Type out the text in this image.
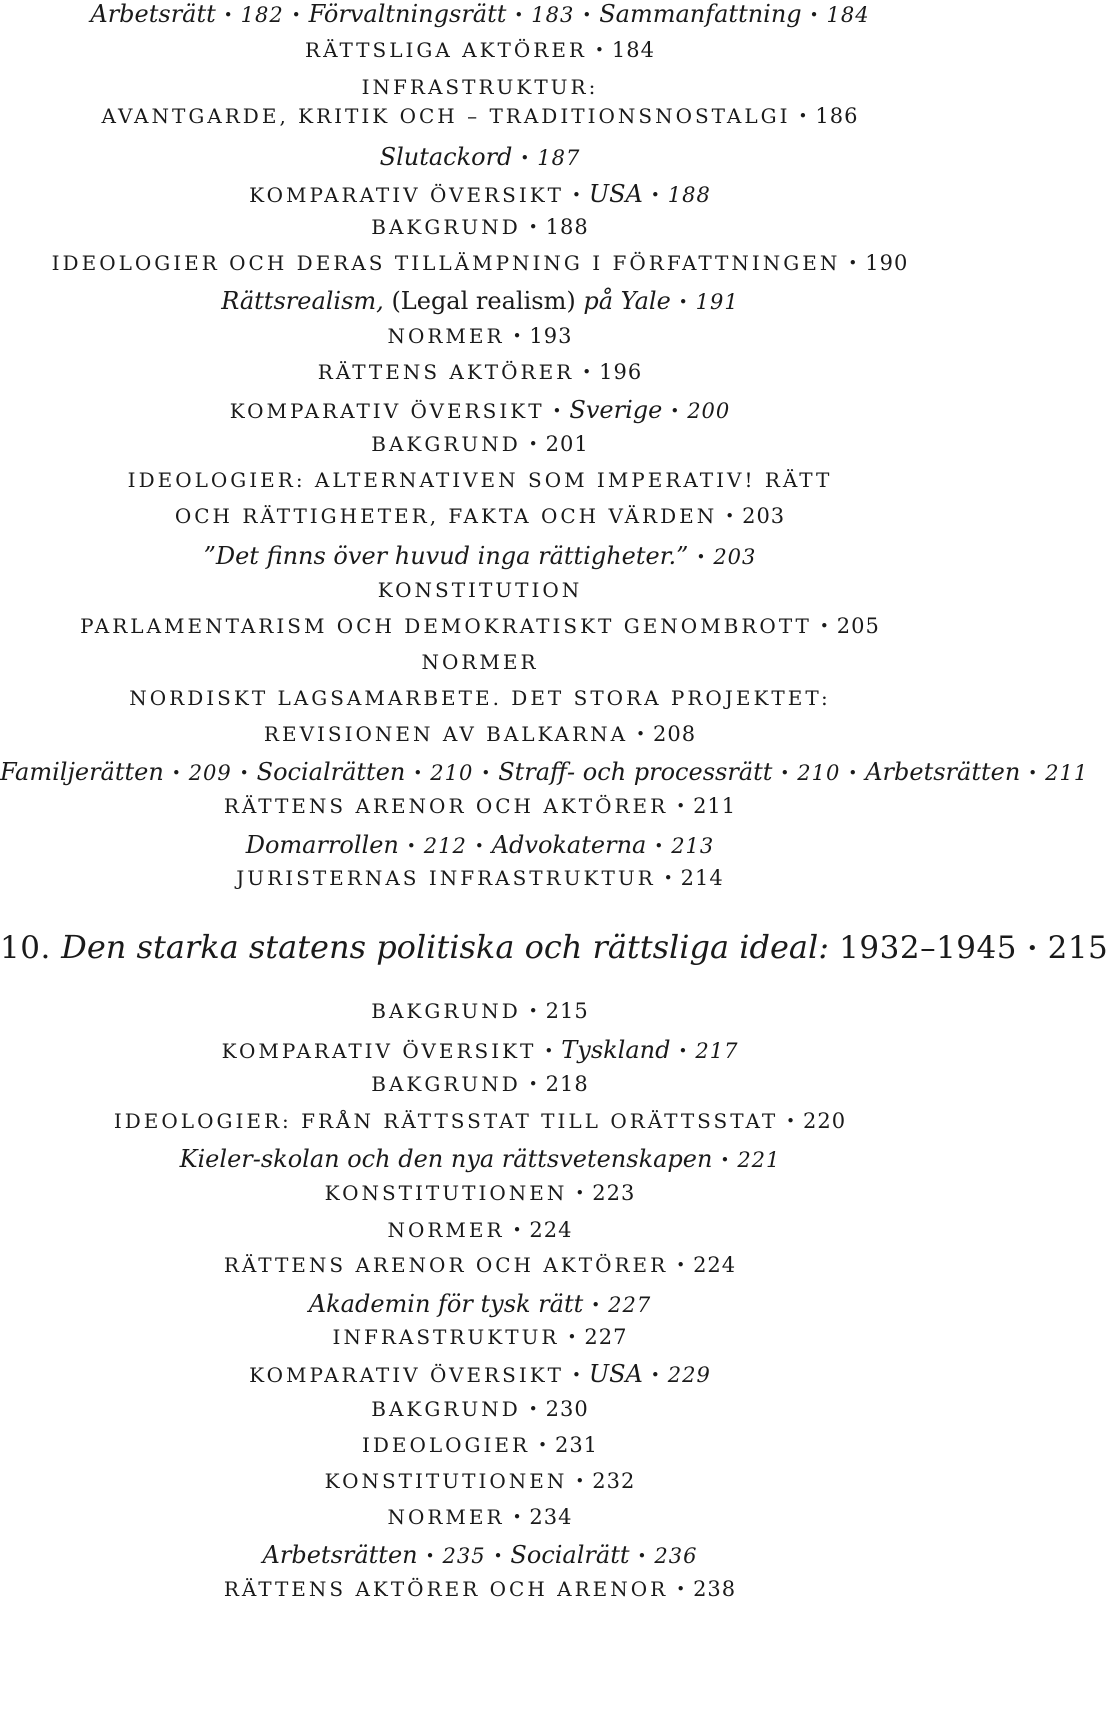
Arbetsrätt • 182 • Förvaltningsrätt • 183 • Sammanfattning • 184
RÄTTSLIGA AKTÖRER • 184
INFRASTRUKTUR:
AVANTGARDE, KRITIK OCH – TRADITIONSNOSTALGI • 186
Slutackord • 187
KOMPARATIV ÖVERSIKT • USA • 188
BAKGRUND • 188
IDEOLOGIER OCH DERAS TILLÄMPNING I FÖRFATTNINGEN • 190
Rättsrealism, (Legal realism) på Yale • 191
NORMER • 193
RÄTTENS AKTÖRER • 196
KOMPARATIV ÖVERSIKT • Sverige • 200
BAKGRUND • 201
IDEOLOGIER: ALTERNATIVEN SOM IMPERATIV! RÄTT
OCH RÄTTIGHETER, FAKTA OCH VÄRDEN • 203
”Det finns över huvud inga rättigheter.” • 203
KONSTITUTION
PARLAMENTARISM OCH DEMOKRATISKT GENOMBROTT • 205
NORMER
NORDISKT LAGSAMARBETE. DET STORA PROJEKTET:
REVISIONEN AV BALKARNA • 208
Familjerätten • 209 • Socialrätten • 210 • Straff- och processrätt • 210 • Arbetsrätten • 211
RÄTTENS ARENOR OCH AKTÖRER • 211
Domarrollen • 212 • Advokaterna • 213
JURISTERNAS INFRASTRUKTUR • 214
10. Den starka statens politiska och rättsliga ideal: 1932–1945 • 215
BAKGRUND • 215
KOMPARATIV ÖVERSIKT • Tyskland • 217
BAKGRUND • 218
IDEOLOGIER: FRÅN RÄTTSSTAT TILL ORÄTTSSTAT • 220
Kieler-skolan och den nya rättsvetenskapen • 221
KONSTITUTIONEN • 223
NORMER • 224
RÄTTENS ARENOR OCH AKTÖRER • 224
Akademin för tysk rätt • 227
INFRASTRUKTUR • 227
KOMPARATIV ÖVERSIKT • USA • 229
BAKGRUND • 230
IDEOLOGIER • 231
KONSTITUTIONEN • 232
NORMER • 234
Arbetsrätten • 235 • Socialrätt • 236
RÄTTENS AKTÖRER OCH ARENOR • 238
